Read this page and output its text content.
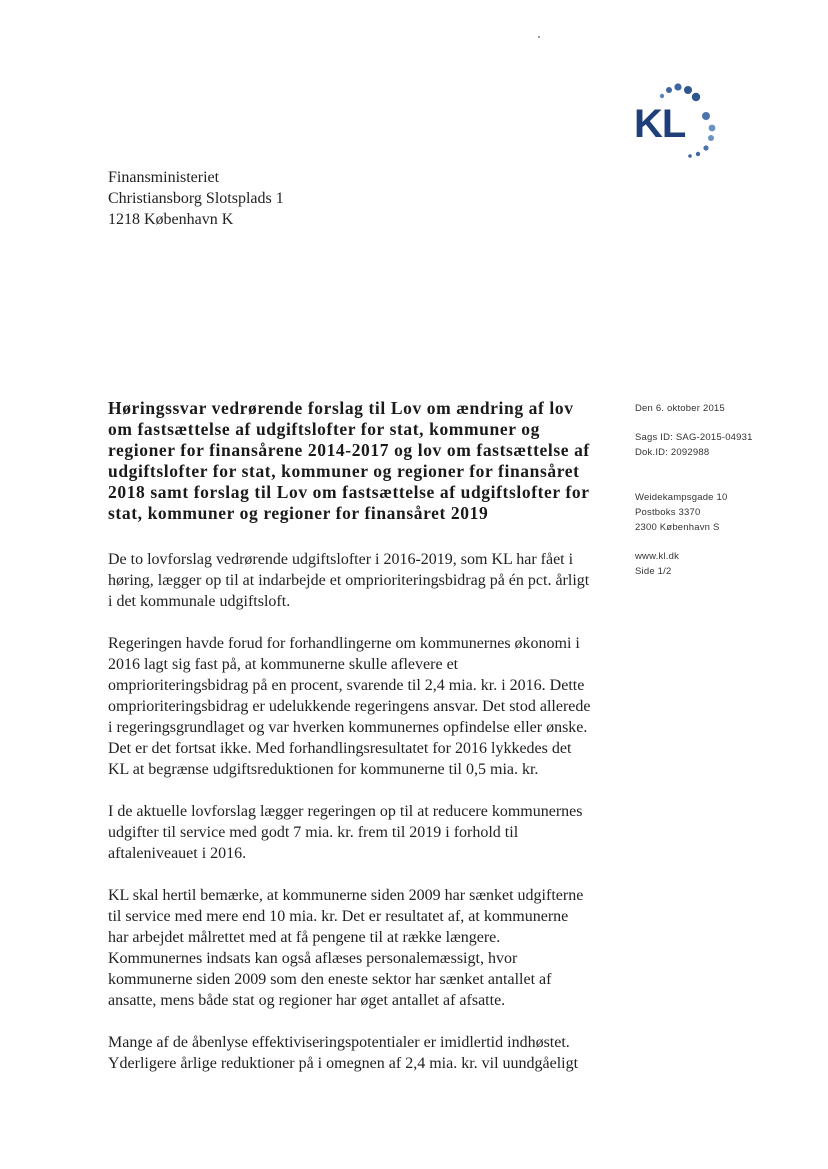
KL
Finansministeriet
Christiansborg Slotsplads 1
1218 København K
Høringssvar vedrørende forslag til Lov om ændring af lov om fastsættelse af udgiftslofter for stat, kommuner og regioner for finansårene 2014-2017 og lov om fastsættelse af udgiftslofter for stat, kommuner og regioner for finansåret 2018 samt forslag til Lov om fastsættelse af udgiftslofter for stat, kommuner og regioner for finansåret 2019
Den 6. oktober 2015
Sags ID: SAG-2015-04931
Dok.ID: 2092988
Weidekampsgade 10
Postboks 3370
2300 København S
www.kl.dk
Side 1/2

De to lovforslag vedrørende udgiftslofter i 2016-2019, som KL har fået i høring, lægger op til at indarbejde et omprioriteringsbidrag på én pct. årligt i det kommunale udgiftsloft.

Regeringen havde forud for forhandlingerne om kommunernes økonomi i 2016 lagt sig fast på, at kommunerne skulle aflevere et omprioriteringsbidrag på en procent, svarende til 2,4 mia. kr. i 2016. Dette omprioriteringsbidrag er udelukkende regeringens ansvar. Det stod allerede i regeringsgrundlaget og var hverken kommunernes opfindelse eller ønske. Det er det fortsat ikke. Med forhandlingsresultatet for 2016 lykkedes det KL at begrænse udgiftsreduktionen for kommunerne til 0,5 mia. kr.

I de aktuelle lovforslag lægger regeringen op til at reducere kommunernes udgifter til service med godt 7 mia. kr. frem til 2019 i forhold til aftaleniveauet i 2016.

KL skal hertil bemærke, at kommunerne siden 2009 har sænket udgifterne til service med mere end 10 mia. kr. Det er resultatet af, at kommunerne har arbejdet målrettet med at få pengene til at række længere. Kommunernes indsats kan også aflæses personalemæssigt, hvor kommunerne siden 2009 som den eneste sektor har sænket antallet af ansatte, mens både stat og regioner har øget antallet af afsatte.

Mange af de åbenlyse effektiviseringspotentialer er imidlertid indhøstet. Yderligere årlige reduktioner på i omegnen af 2,4 mia. kr. vil uundgåeligt
